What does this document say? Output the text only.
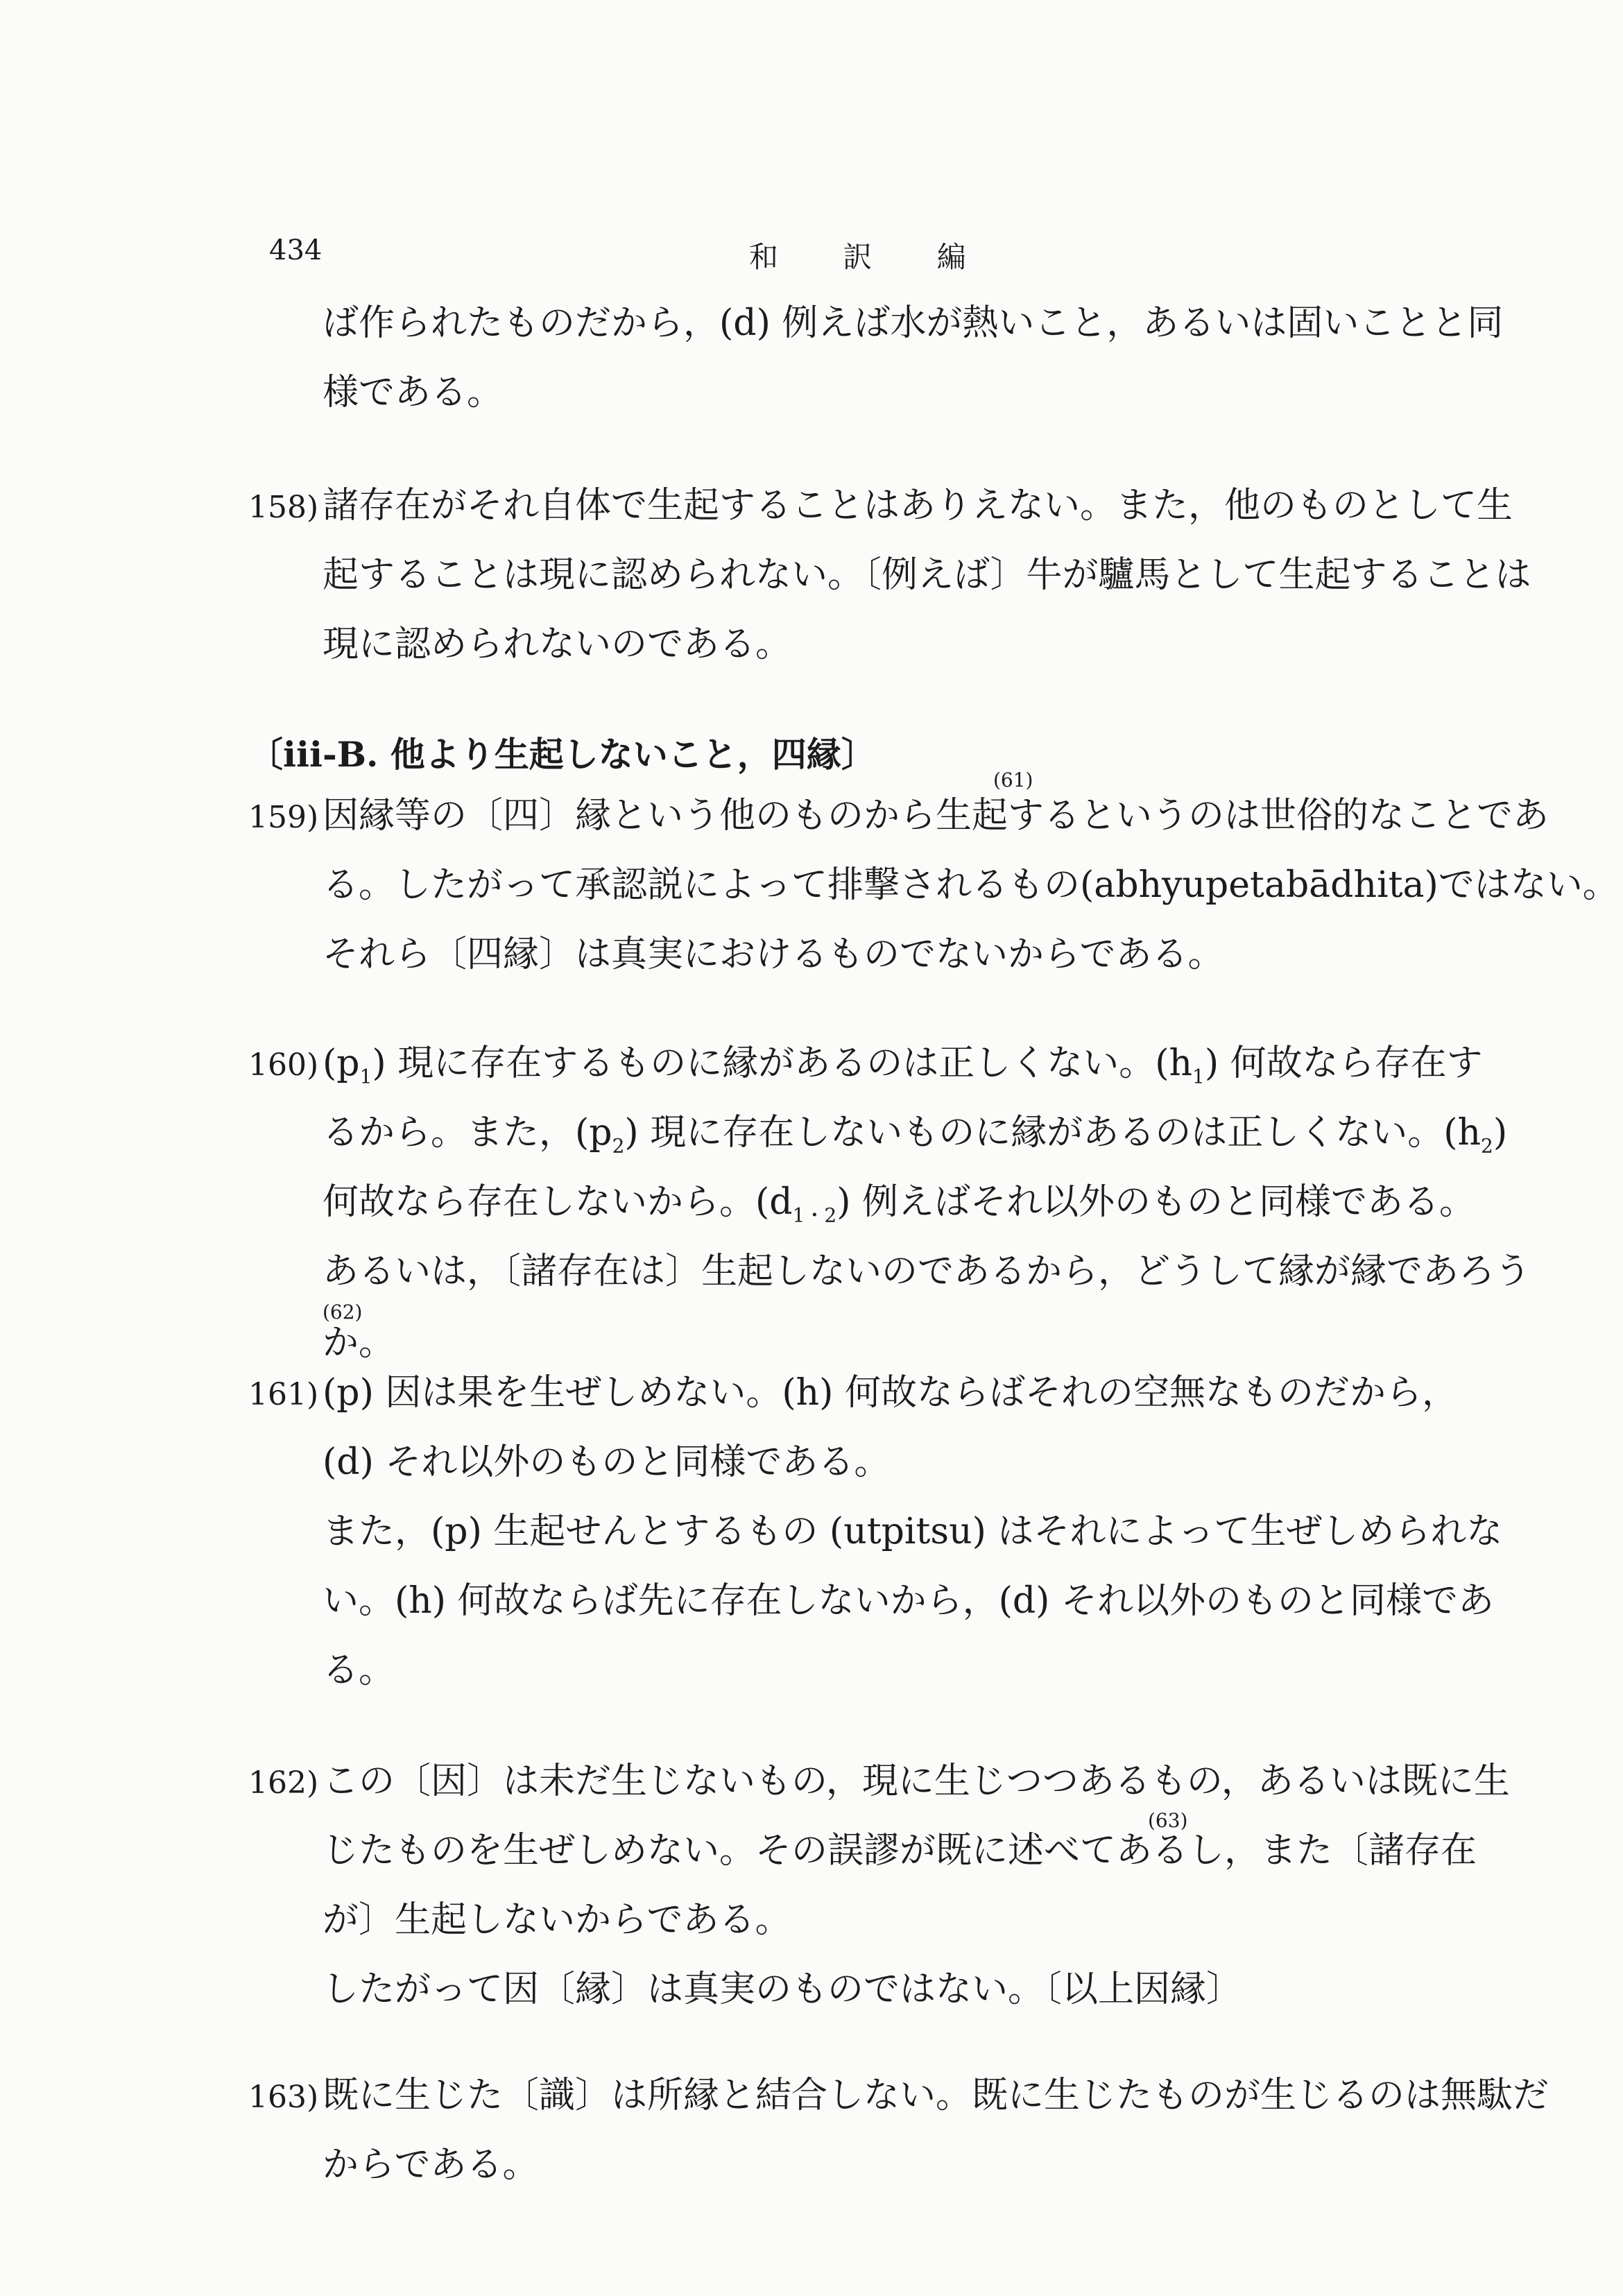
434	和 訳 編
ば作られたものだから，(d) 例えば水が熱いこと，あるいは固いことと同
様である。
158) 諸存在がそれ自体で生起することはありえない。また，他のものとして生
起することは現に認められない。〔例えば〕牛が驢馬として生起することは
現に認められないのである。
〔iii-B. 他より生起しないこと，四縁〕
(61)
159) 因縁等の〔四〕縁という他のものから生起するというのは世俗的なことであ
る。したがって承認説によって排撃されるもの(abhyupetabādhita)ではない。
それら〔四縁〕は真実におけるものでないからである。
160) $(p_1)$ 現に存在するものに縁があるのは正しくない。$(h_1)$ 何故なら存在す
るから。また，$(p_2)$ 現に存在しないものに縁があるのは正しくない。$(h_2)$
何故なら存在しないから。$(d_{1・2})$ 例えばそれ以外のものと同様である。
あるいは，〔諸存在は〕生起しないのであるから，どうして縁が縁であろう
(62)
か。
161) (p) 因は果を生ぜしめない。(h) 何故ならばそれの空無なものだから，
(d) それ以外のものと同様である。
また，(p) 生起せんとするもの (utpitsu) はそれによって生ぜしめられな
い。(h) 何故ならば先に存在しないから，(d) それ以外のものと同様であ
る。
162) この〔因〕は未だ生じないもの，現に生じつつあるもの，あるいは既に生
(63)
じたものを生ぜしめない。その誤謬が既に述べてあるし，また〔諸存在
が〕生起しないからである。
したがって因〔縁〕は真実のものではない。〔以上因縁〕
163) 既に生じた〔識〕は所縁と結合しない。既に生じたものが生じるのは無駄だ
からである。
